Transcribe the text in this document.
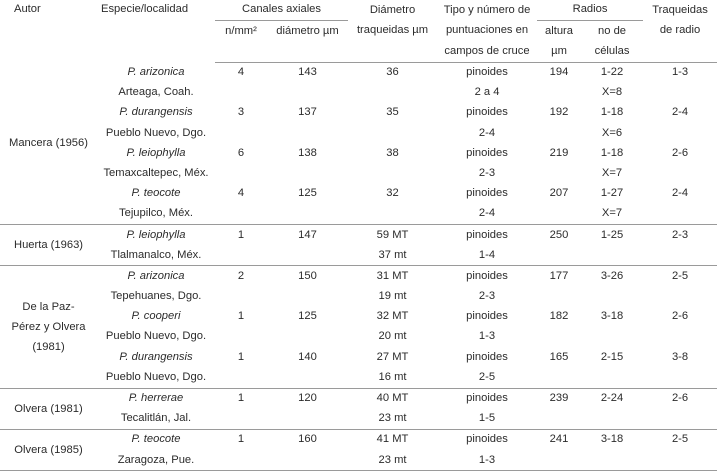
Autor	Especie/localidad	Canales axiales		Diámetro	Tipo y número de	Radios		Traqueidas
		n/mm²	diámetro µm	traqueidas µm	puntuaciones en	altura	no de	de radio
					campos de cruce	µm	células	

Mancera (1956)	P. arizonica	4	143	36	pinoides	194	1-22	1-3
	Arteaga, Coah.				2 a 4		X=8	
	P. durangensis	3	137	35	pinoides	192	1-18	2-4
	Pueblo Nuevo, Dgo.				2-4		X=6	
	P. leiophylla	6	138	38	pinoides	219	1-18	2-6
	Temaxcaltepec, Méx.				2-3		X=7	
	P. teocote	4	125	32	pinoides	207	1-27	2-4
	Tejupilco, Méx.				2-4		X=7	

Huerta (1963)	P. leiophylla	1	147	59 MT	pinoides	250	1-25	2-3
	Tlalmanalco, Méx.			37 mt	1-4			

De la Paz-
Pérez y Olvera
(1981)	P. arizonica	2	150	31 MT	pinoides	177	3-26	2-5
	Tepehuanes, Dgo.			19 mt	2-3			
	P. cooperi	1	125	32 MT	pinoides	182	3-18	2-6
	Pueblo Nuevo, Dgo.			20 mt	1-3			
	P. durangensis	1	140	27 MT	pinoides	165	2-15	3-8
	Pueblo Nuevo, Dgo.			16 mt	2-5			

Olvera (1981)	P. herrerae	1	120	40 MT	pinoides	239	2-24	2-6
	Tecalitlán, Jal.			23 mt	1-5			

Olvera (1985)	P. teocote	1	160	41 MT	pinoides	241	3-18	2-5
	Zaragoza, Pue.			23 mt	1-3			
